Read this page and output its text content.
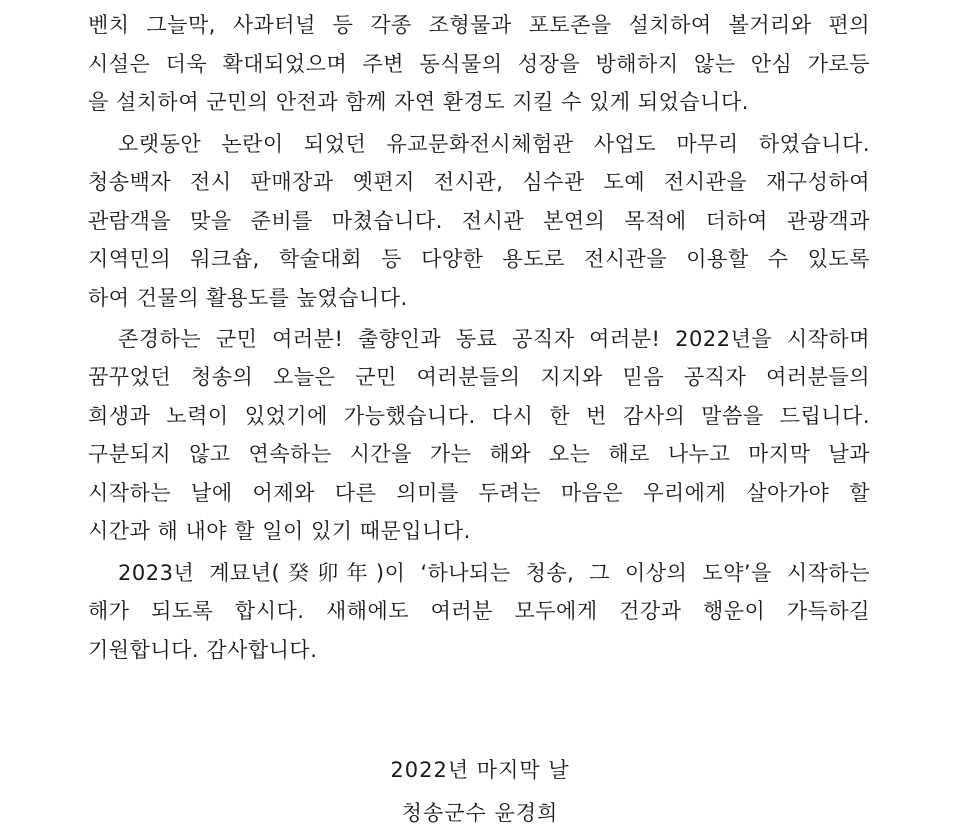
벤치 그늘막, 사과터널 등 각종 조형물과 포토존을 설치하여 볼거리와 편의
시설은 더욱 확대되었으며 주변 동식물의 성장을 방해하지 않는 안심 가로등
을 설치하여 군민의 안전과 함께 자연 환경도 지킬 수 있게 되었습니다.
오랫동안 논란이 되었던 유교문화전시체험관 사업도 마무리 하였습니다.
청송백자 전시 판매장과 옛편지 전시관, 심수관 도예 전시관을 재구성하여
관람객을 맞을 준비를 마쳤습니다. 전시관 본연의 목적에 더하여 관광객과
지역민의 워크숍, 학술대회 등 다양한 용도로 전시관을 이용할 수 있도록
하여 건물의 활용도를 높였습니다.
존경하는 군민 여러분! 출향인과 동료 공직자 여러분! 2022년을 시작하며
꿈꾸었던 청송의 오늘은 군민 여러분들의 지지와 믿음 공직자 여러분들의
희생과 노력이 있었기에 가능했습니다. 다시 한 번 감사의 말씀을 드립니다.
구분되지 않고 연속하는 시간을 가는 해와 오는 해로 나누고 마지막 날과
시작하는 날에 어제와 다른 의미를 두려는 마음은 우리에게 살아가야 할
시간과 해 내야 할 일이 있기 때문입니다.
2023년 계묘년(癸卯年)이 ‘하나되는 청송, 그 이상의 도약’을 시작하는
해가 되도록 합시다. 새해에도 여러분 모두에게 건강과 행운이 가득하길
기원합니다. 감사합니다.
2022년 마지막 날
청송군수 윤경희
